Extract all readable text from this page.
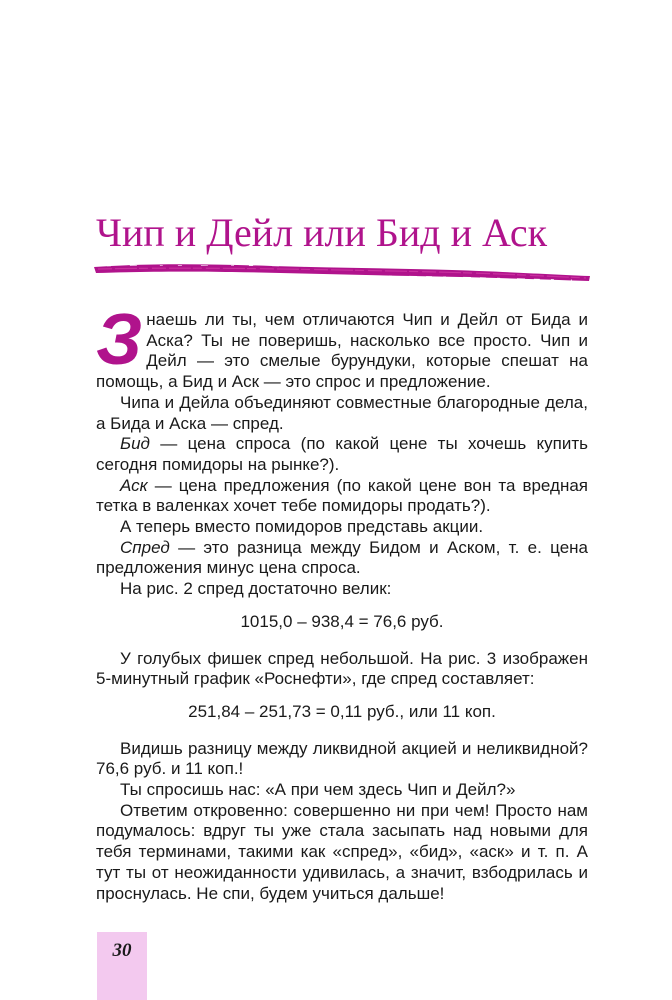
Чип и Дейл или Бид и Аск

Знаешь ли ты, чем отличаются Чип и Дейл от Бида и Аска? Ты не поверишь, насколько все просто. Чип и Дейл — это смелые бурундуки, которые спешат на помощь, а Бид и Аск — это спрос и предложение.

Чипа и Дейла объединяют совместные благородные дела, а Бида и Аска — спред.

Бид — цена спроса (по какой цене ты хочешь купить сегодня помидоры на рынке?).

Аск — цена предложения (по какой цене вон та вредная тетка в валенках хочет тебе помидоры продать?).

А теперь вместо помидоров представь акции.

Спред — это разница между Бидом и Аском, т. е. цена предложения минус цена спроса.

На рис. 2 спред достаточно велик:

1015,0 – 938,4 = 76,6 руб.

У голубых фишек спред небольшой. На рис. 3 изображен 5-минутный график «Роснефти», где спред составляет:

251,84 – 251,73 = 0,11 руб., или 11 коп.

Видишь разницу между ликвидной акцией и неликвидной? 76,6 руб. и 11 коп.!

Ты спросишь нас: «А при чем здесь Чип и Дейл?»

Ответим откровенно: совершенно ни при чем! Просто нам подумалось: вдруг ты уже стала засыпать над новыми для тебя терминами, такими как «спред», «бид», «аск» и т. п. А тут ты от неожиданности удивилась, а значит, взбодрилась и проснулась. Не спи, будем учиться дальше!

30
